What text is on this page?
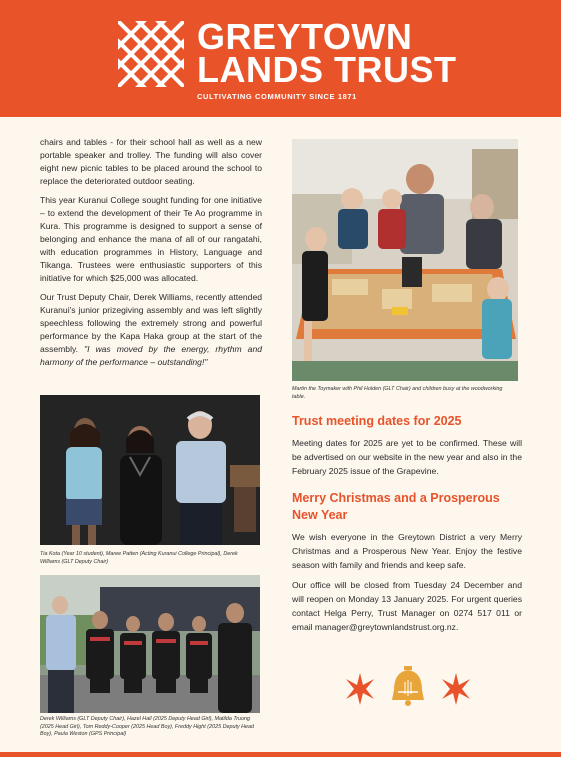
GREYTOWN
LANDS TRUST
CULTIVATING COMMUNITY SINCE 1871

chairs and tables - for their school hall as well as a new portable speaker and trolley. The funding will also cover eight new picnic tables to be placed around the school to replace the deteriorated outdoor seating.

This year Kuranui College sought funding for one initiative – to extend the development of their Te Ao programme in Kura. This programme is designed to support a sense of belonging and enhance the mana of all of our rangatahi, with education programmes in History, Language and Tikanga. Trustees were enthusiastic supporters of this initiative for which $25,000 was allocated.

Our Trust Deputy Chair, Derek Williams, recently attended Kuranui's junior prizegiving assembly and was left slightly speechless following the extremely strong and powerful performance by the Kapa Haka group at the start of the assembly. "I was moved by the energy, rhythm and harmony of the performance – outstanding!"

Tia Kota (Year 10 student), Maree Patten (Acting Kuranui College Principal), Derek Williams (GLT Deputy Chair)
Derek Williams (GLT Deputy Chair), Hazel Hall (2025 Deputy Head Girl), Matilda Truong (2025 Head Girl), Tom Reddy-Cooper (2025 Head Boy), Freddy Hight (2025 Deputy Head Boy), Paula Weston (GPS Principal)
Martin the Toymaker with Phil Holden (GLT Chair) and children busy at the woodworking table.
Trust meeting dates for 2025

Meeting dates for 2025 are yet to be confirmed. These will be advertised on our website in the new year and also in the February 2025 issue of the Grapevine.

Merry Christmas and a Prosperous New Year

We wish everyone in the Greytown District a very Merry Christmas and a Prosperous New Year. Enjoy the festive season with family and friends and keep safe.

Our office will be closed from Tuesday 24 December and will reopen on Monday 13 January 2025. For urgent queries contact Helga Perry, Trust Manager on 0274 517 011 or email manager@greytownlandstrust.org.nz.
